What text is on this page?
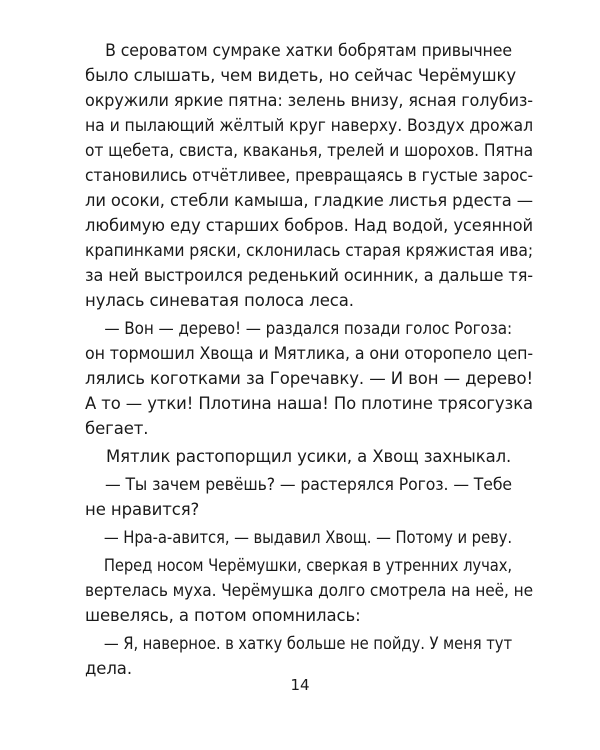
В сероватом сумраке хатки бобрятам привычнее
было слышать, чем видеть, но сейчас Черёмушку
окружили яркие пятна: зелень внизу, ясная голубиз-
на и пылающий жёлтый круг наверху. Воздух дрожал
от щебета, свиста, кваканья, трелей и шорохов. Пятна
становились отчётливее, превращаясь в густые зарос-
ли осоки, стебли камыша, гладкие листья рдеста —
любимую еду старших бобров. Над водой, усеянной
крапинками ряски, склонилась старая кряжистая ива;
за ней выстроился реденький осинник, а дальше тя-
нулась синеватая полоса леса.
— Вон — дерево! — раздался позади голос Рогоза:
он тормошил Хвоща и Мятлика, а они оторопело цеп-
лялись коготками за Горечавку. — И вон — дерево!
А то — утки! Плотина наша! По плотине трясогузка
бегает.
Мятлик растопорщил усики, а Хвощ захныкал.
— Ты зачем ревёшь? — растерялся Рогоз. — Тебе
не нравится?
— Нра-а-авится, — выдавил Хвощ. — Потому и реву.
Перед носом Черёмушки, сверкая в утренних лучах,
вертелась муха. Черёмушка долго смотрела на неё, не
шевелясь, а потом опомнилась:
— Я, наверное. в хатку больше не пойду. У меня тут
дела.
14
